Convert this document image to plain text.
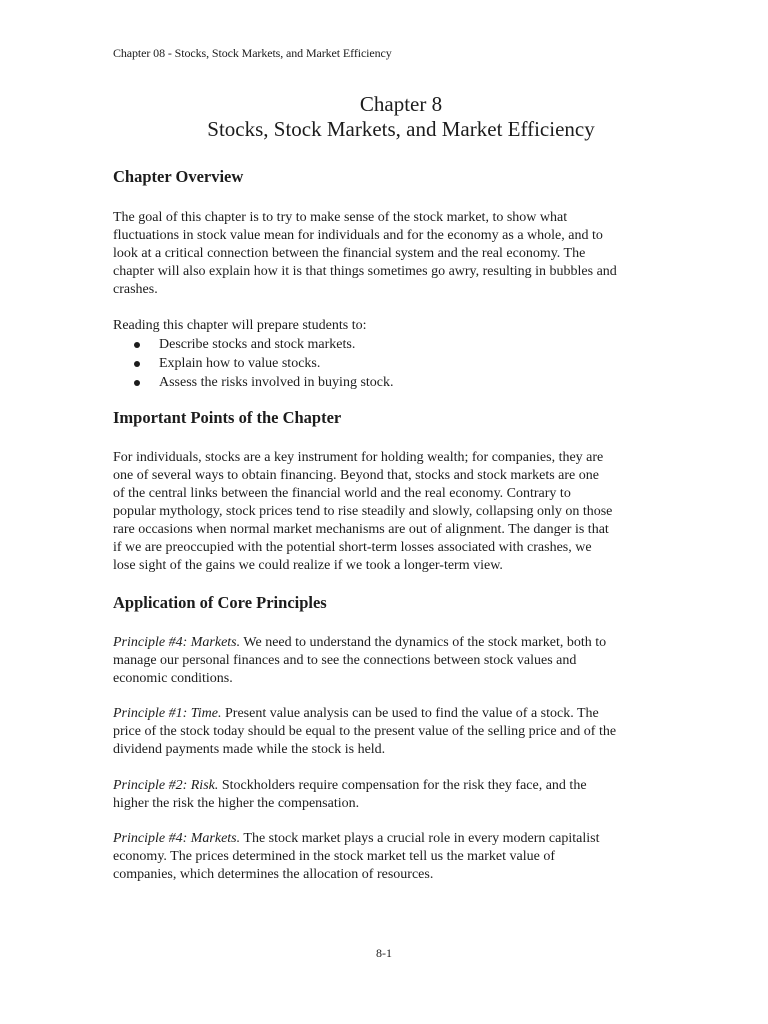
Chapter 08 - Stocks, Stock Markets, and Market Efficiency
Chapter 8
Stocks, Stock Markets, and Market Efficiency
Chapter Overview
The goal of this chapter is to try to make sense of the stock market, to show what
fluctuations in stock value mean for individuals and for the economy as a whole, and to
look at a critical connection between the financial system and the real economy. The
chapter will also explain how it is that things sometimes go awry, resulting in bubbles and
crashes.
Reading this chapter will prepare students to:
Describe stocks and stock markets.
Explain how to value stocks.
Assess the risks involved in buying stock.
Important Points of the Chapter
For individuals, stocks are a key instrument for holding wealth; for companies, they are
one of several ways to obtain financing. Beyond that, stocks and stock markets are one
of the central links between the financial world and the real economy. Contrary to
popular mythology, stock prices tend to rise steadily and slowly, collapsing only on those
rare occasions when normal market mechanisms are out of alignment. The danger is that
if we are preoccupied with the potential short-term losses associated with crashes, we
lose sight of the gains we could realize if we took a longer-term view.
Application of Core Principles
Principle #4: Markets. We need to understand the dynamics of the stock market, both to
manage our personal finances and to see the connections between stock values and
economic conditions.
Principle #1: Time. Present value analysis can be used to find the value of a stock. The
price of the stock today should be equal to the present value of the selling price and of the
dividend payments made while the stock is held.
Principle #2: Risk. Stockholders require compensation for the risk they face, and the
higher the risk the higher the compensation.
Principle #4: Markets. The stock market plays a crucial role in every modern capitalist
economy. The prices determined in the stock market tell us the market value of
companies, which determines the allocation of resources.
8-1
